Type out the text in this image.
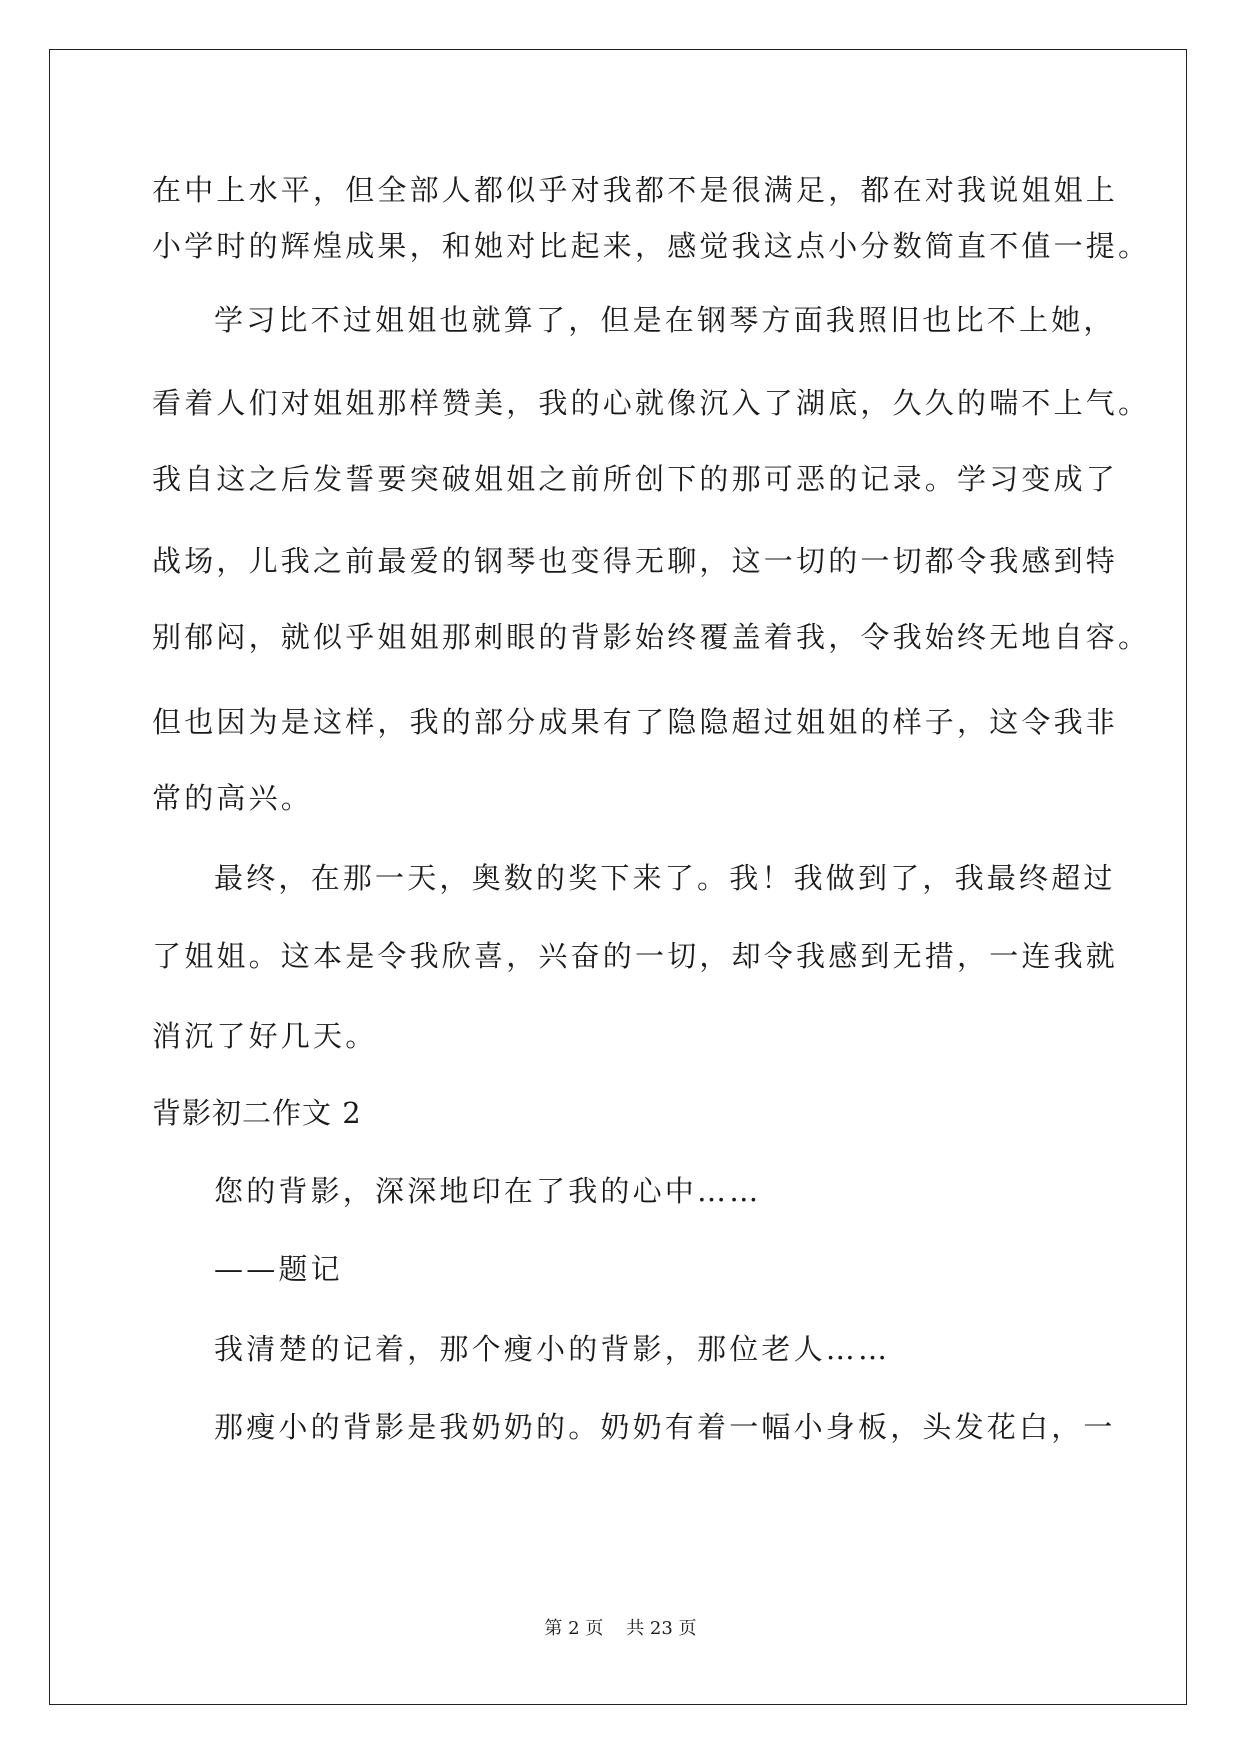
在中上水平，但全部人都似乎对我都不是很满足，都在对我说姐姐上
小学时的辉煌成果，和她对比起来，感觉我这点小分数简直不值一提。
学习比不过姐姐也就算了，但是在钢琴方面我照旧也比不上她，
看着人们对姐姐那样赞美，我的心就像沉入了湖底，久久的喘不上气。
我自这之后发誓要突破姐姐之前所创下的那可恶的记录。学习变成了
战场，儿我之前最爱的钢琴也变得无聊，这一切的一切都令我感到特
别郁闷，就似乎姐姐那刺眼的背影始终覆盖着我，令我始终无地自容。
但也因为是这样，我的部分成果有了隐隐超过姐姐的样子，这令我非
常的高兴。
最终，在那一天，奥数的奖下来了。我！我做到了，我最终超过
了姐姐。这本是令我欣喜，兴奋的一切，却令我感到无措，一连我就
消沉了好几天。
背影初二作文 2
您的背影，深深地印在了我的心中……
——题记
我清楚的记着，那个瘦小的背影，那位老人……
那瘦小的背影是我奶奶的。奶奶有着一幅小身板，头发花白，一
第 2 页    共 23 页
